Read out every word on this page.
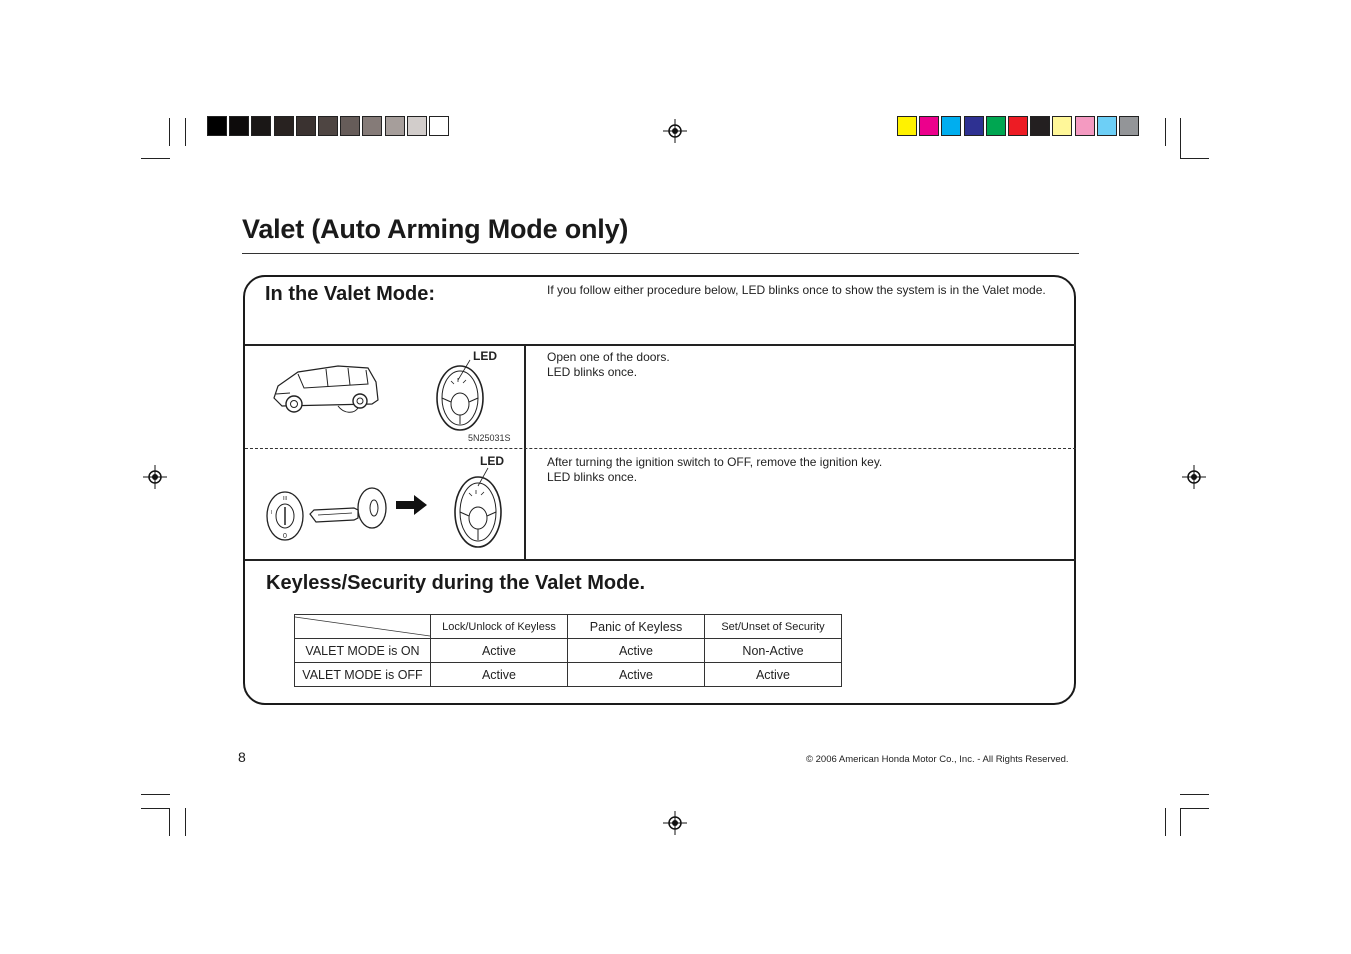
Valet (Auto Arming Mode only)
In the Valet Mode:	If you follow either procedure below, LED blinks once to show the system is in the Valet mode.
LED
5N25031S
Open one of the doors.
LED blinks once.
0
I
III
LED	After turning the ignition switch to OFF, remove the ignition key.
LED blinks once.
Keyless/Security during the Valet Mode.
	Lock/Unlock of Keyless	Panic of Keyless	Set/Unset of Security
VALET MODE is ON	Active	Active	Non-Active
VALET MODE is OFF	Active	Active	Active
8	© 2006 American Honda Motor Co., Inc. - All Rights Reserved.
